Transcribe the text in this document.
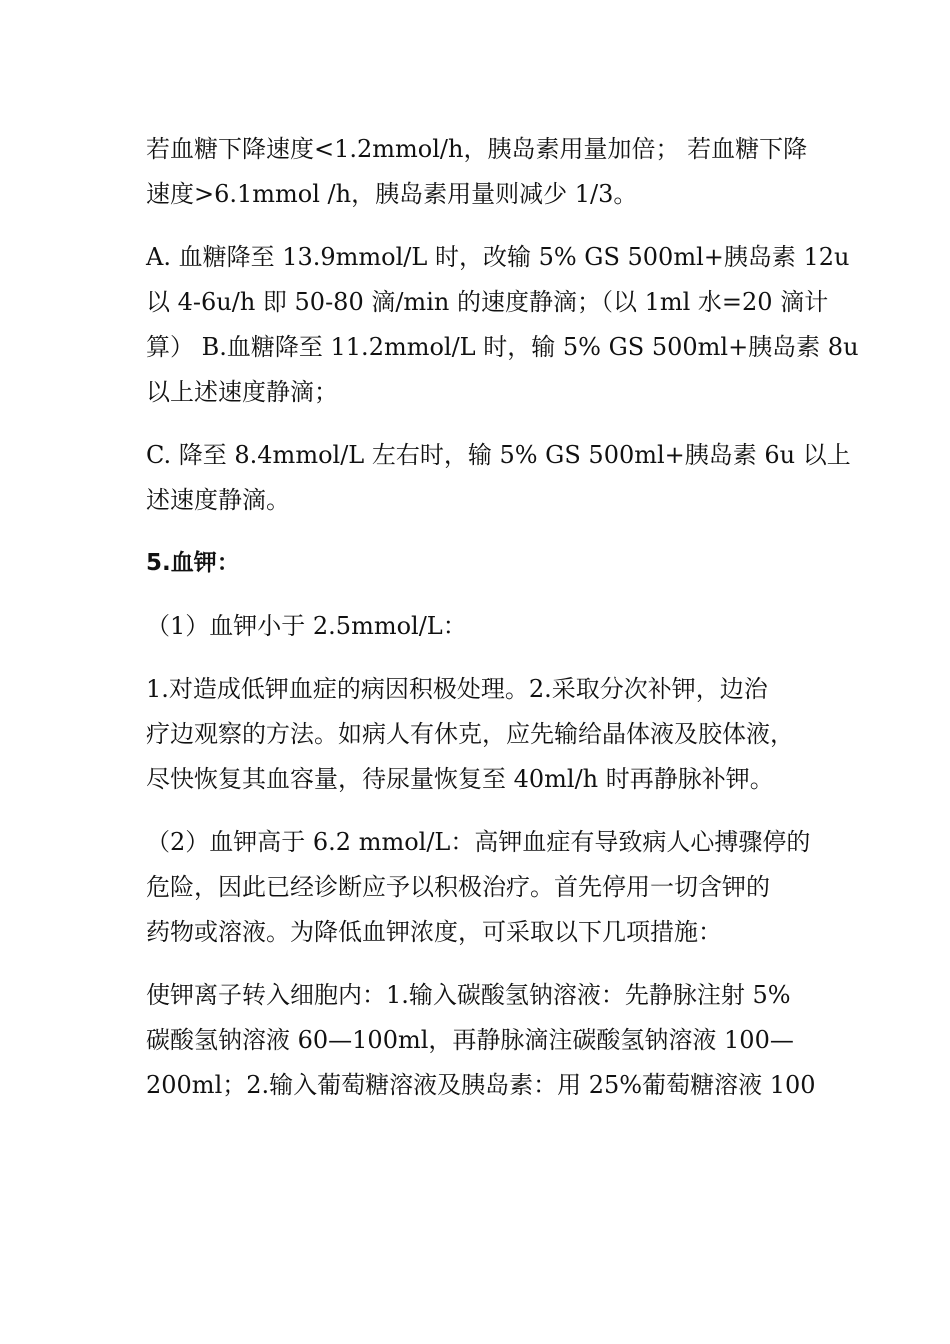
若血糖下降速度<1.2mmol/h，胰岛素用量加倍； 若血糖下降
速度>6.1mmol /h，胰岛素用量则减少 1/3。
A. 血糖降至 13.9mmol/L 时，改输 5% GS 500ml+胰岛素 12u
以 4-6u/h 即 50-80 滴/min 的速度静滴；（以 1ml 水=20 滴计
算） B.血糖降至 11.2mmol/L 时，输 5% GS 500ml+胰岛素 8u
以上述速度静滴；
C. 降至 8.4mmol/L 左右时，输 5% GS 500ml+胰岛素 6u 以上
述速度静滴。
5.血钾：
（1）血钾小于 2.5mmol/L：
1.对造成低钾血症的病因积极处理。2.采取分次补钾，边治
疗边观察的方法。如病人有休克，应先输给晶体液及胶体液，
尽快恢复其血容量，待尿量恢复至 40ml/h 时再静脉补钾。
（2）血钾高于 6.2 mmol/L：高钾血症有导致病人心搏骤停的
危险，因此已经诊断应予以积极治疗。首先停用一切含钾的
药物或溶液。为降低血钾浓度，可采取以下几项措施：
使钾离子转入细胞内：1.输入碳酸氢钠溶液：先静脉注射 5%
碳酸氢钠溶液 60—100ml，再静脉滴注碳酸氢钠溶液 100—
200ml；2.输入葡萄糖溶液及胰岛素：用 25%葡萄糖溶液 100
